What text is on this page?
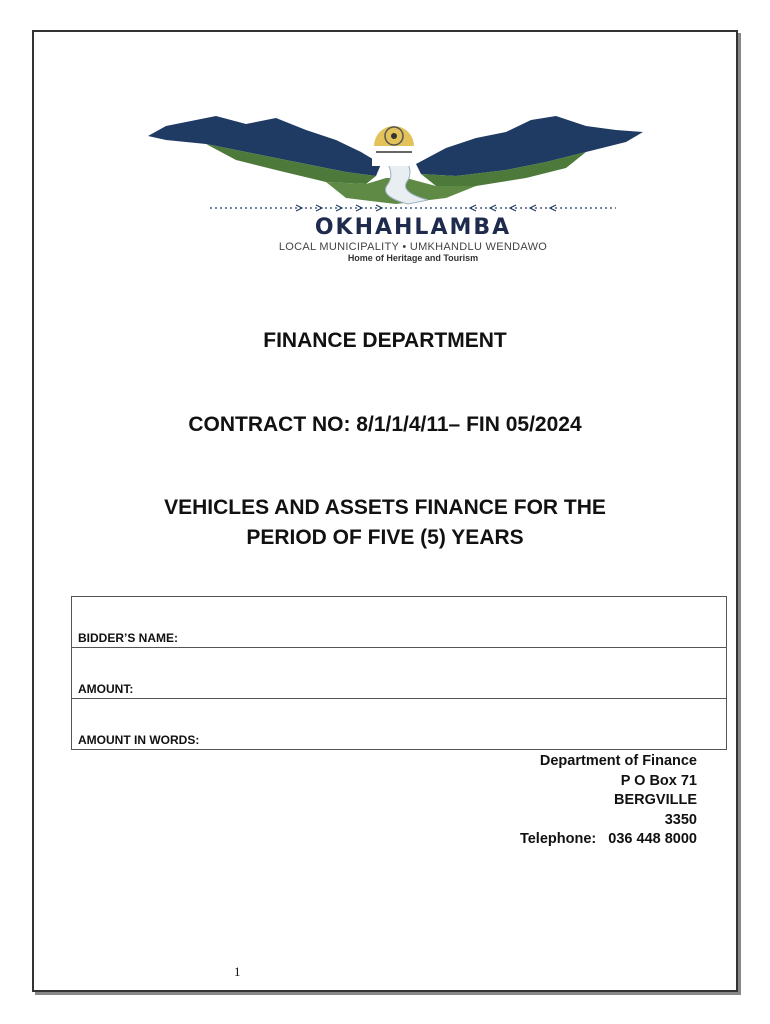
OKHAHLAMBA
LOCAL MUNICIPALITY • UMKHANDLU WENDAWO
Home of Heritage and Tourism
FINANCE DEPARTMENT
CONTRACT NO: 8/1/1/4/11– FIN 05/2024
VEHICLES AND ASSETS FINANCE FOR THE
PERIOD OF FIVE (5) YEARS
BIDDER’S NAME:
AMOUNT:
AMOUNT IN WORDS:
Department of Finance
P O Box 71
BERGVILLE
3350
Telephone:   036 448 8000
1
